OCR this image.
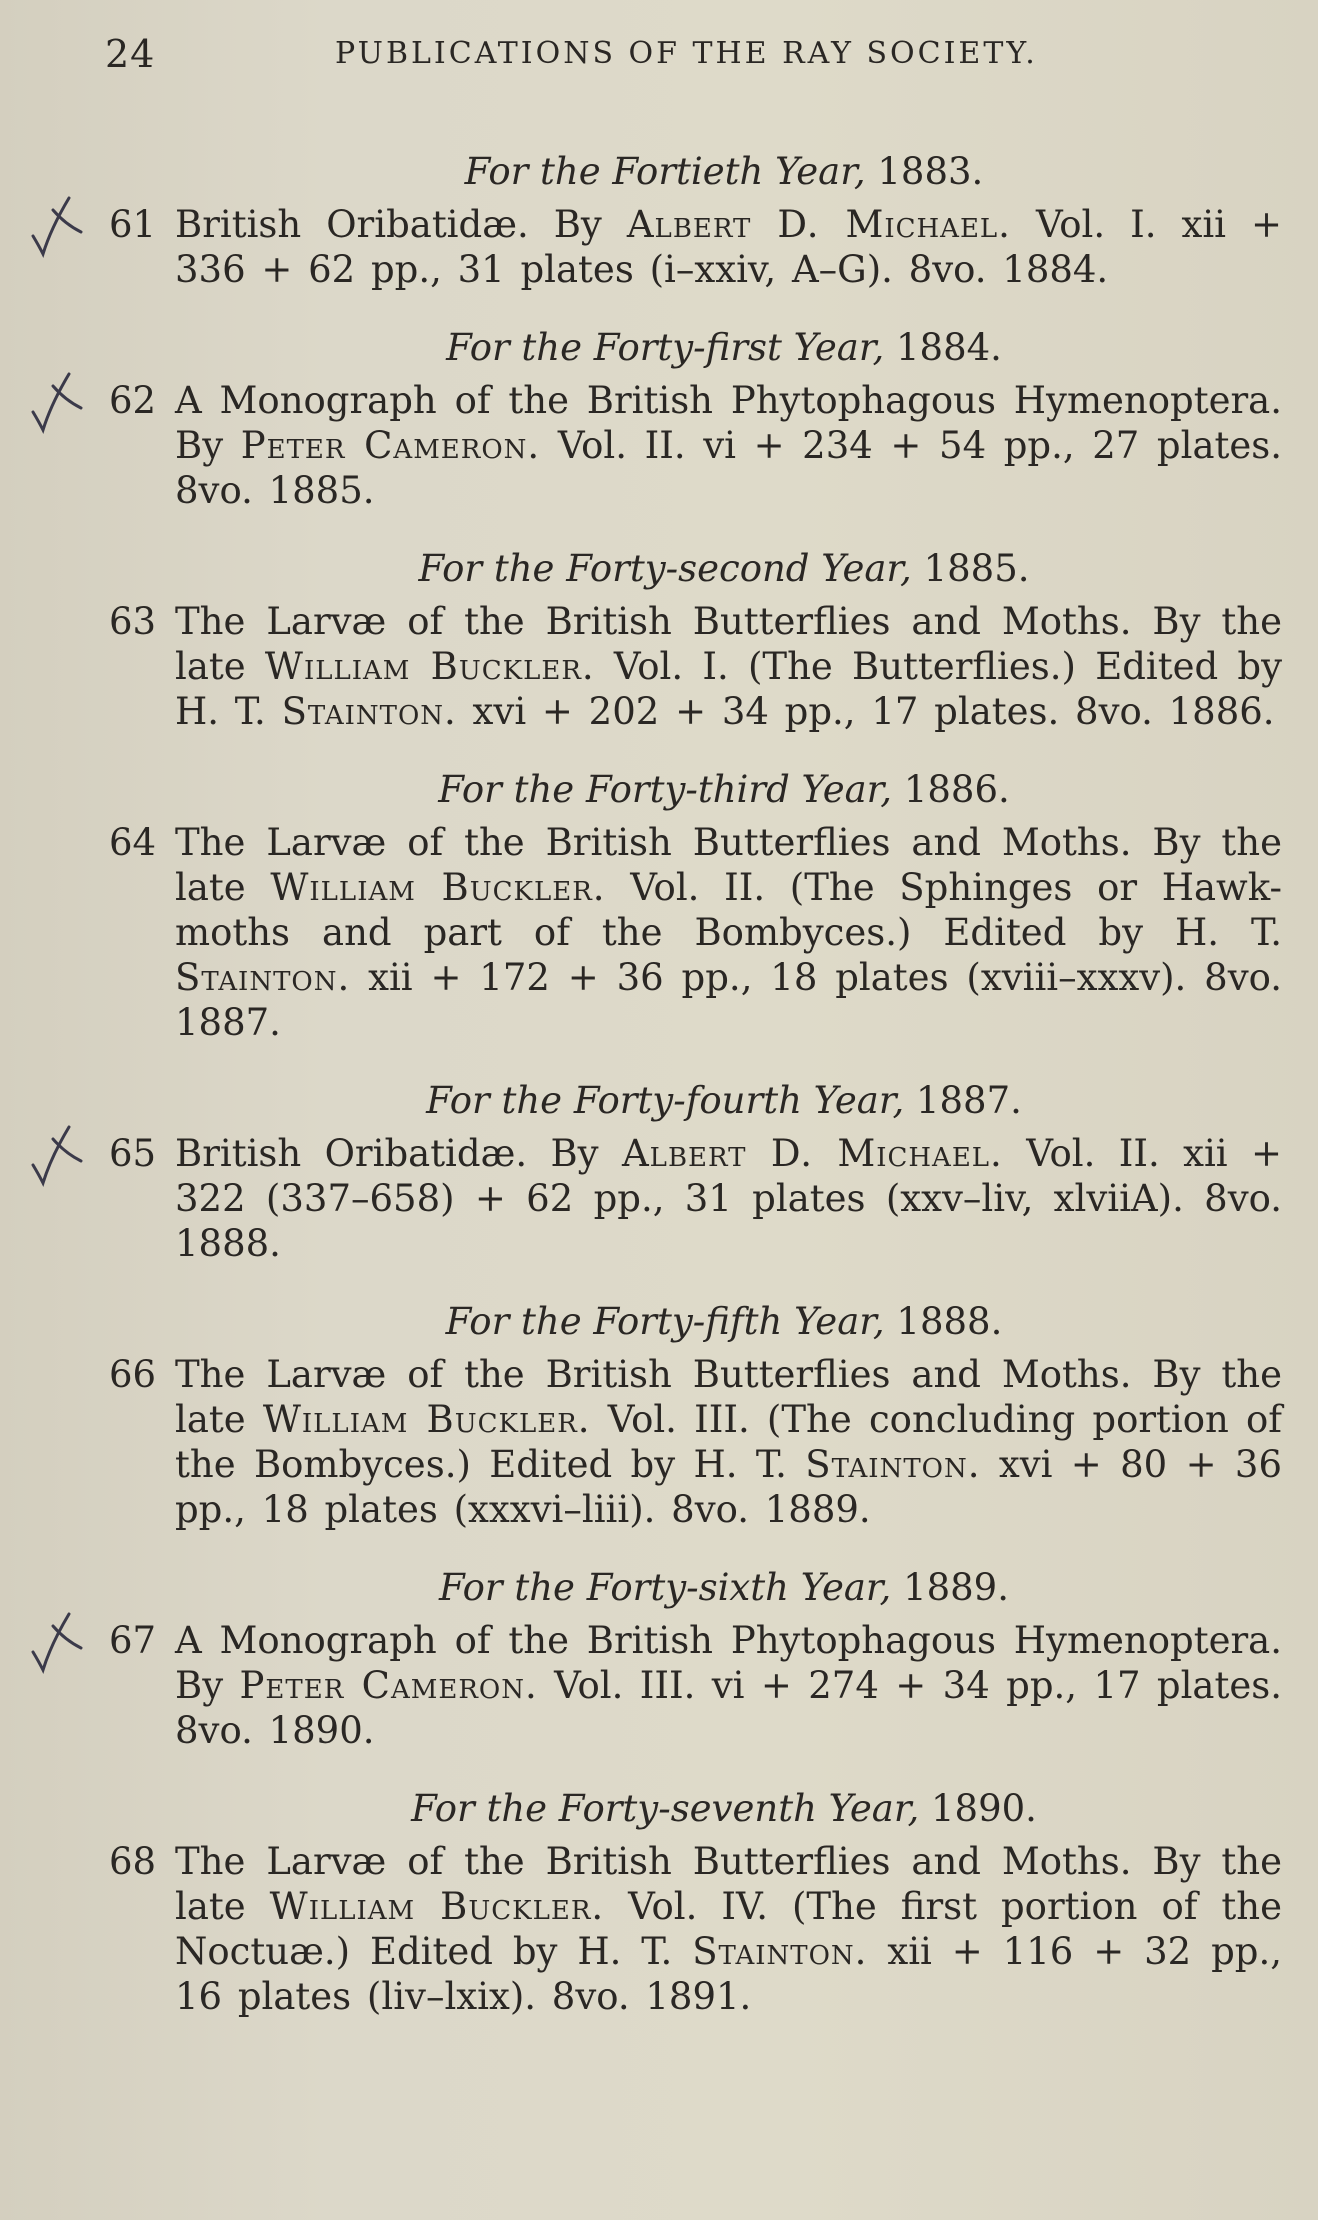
24	PUBLICATIONS OF THE RAY SOCIETY.
For the Fortieth Year, 1883.
61 British Oribatidæ. By Albert D. Michael. Vol. I. xii + 336 + 62 pp., 31 plates (i–xxiv, A–G). 8vo. 1884.
For the Forty-first Year, 1884.
62 A Monograph of the British Phytophagous Hymenoptera. By Peter Cameron. Vol. II. vi + 234 + 54 pp., 27 plates. 8vo. 1885.
For the Forty-second Year, 1885.
63 The Larvæ of the British Butterflies and Moths. By the late William Buckler. Vol. I. (The Butterflies.) Edited by H. T. Stainton. xvi + 202 + 34 pp., 17 plates. 8vo. 1886.
For the Forty-third Year, 1886.
64 The Larvæ of the British Butterflies and Moths. By the late William Buckler. Vol. II. (The Sphinges or Hawk-moths and part of the Bombyces.) Edited by H. T. Stainton. xii + 172 + 36 pp., 18 plates (xviii–xxxv). 8vo. 1887.
For the Forty-fourth Year, 1887.
65 British Oribatidæ. By Albert D. Michael. Vol. II. xii + 322 (337–658) + 62 pp., 31 plates (xxv–liv, xlviiA). 8vo. 1888.
For the Forty-fifth Year, 1888.
66 The Larvæ of the British Butterflies and Moths. By the late William Buckler. Vol. III. (The concluding portion of the Bombyces.) Edited by H. T. Stainton. xvi + 80 + 36 pp., 18 plates (xxxvi–liii). 8vo. 1889.
For the Forty-sixth Year, 1889.
67 A Monograph of the British Phytophagous Hymenoptera. By Peter Cameron. Vol. III. vi + 274 + 34 pp., 17 plates. 8vo. 1890.
For the Forty-seventh Year, 1890.
68 The Larvæ of the British Butterflies and Moths. By the late William Buckler. Vol. IV. (The first portion of the Noctuæ.) Edited by H. T. Stainton. xii + 116 + 32 pp., 16 plates (liv–lxix). 8vo. 1891.
